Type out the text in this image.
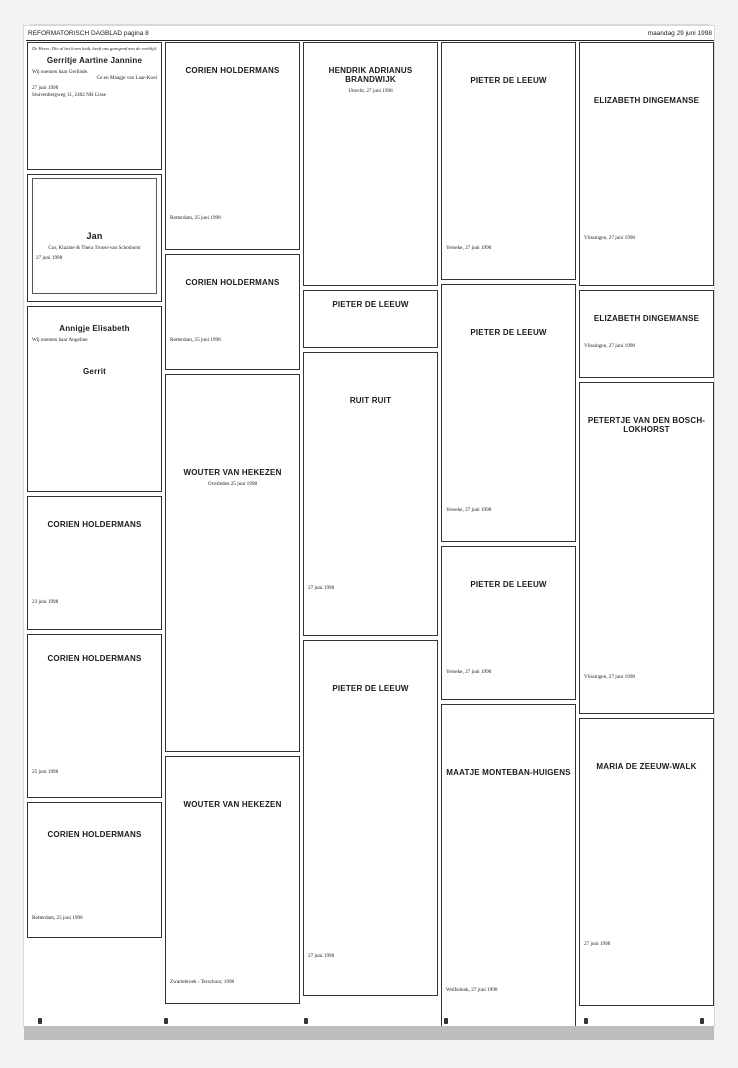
REFORMATORISCH DAGBLAD pagina 8	maandag 29 juni 1998
De Heere, Die al het leven leidt, heeft ons gezegend met de verblijd.
Gerritje Aartine Jannine
Wij noemen haar Gerlinde.
Ce en Maagje van Laar-Kool
27 juni 1998
Stuivenbergweg 11, 2402 NH Lisse
Jan
Cor, Klazine & Thera Troost-van Schothorst
27 juni 1998
Annigje Elisabeth
Wij noemen haar Angeline
Gerrit
CORIEN HOLDERMANS
23 juni 1998
CORIEN HOLDERMANS
25 juni 1998
CORIEN HOLDERMANS
Rotterdam, 25 juni 1998
CORIEN HOLDERMANS
Rotterdam, 25 juni 1998
CORIEN HOLDERMANS
Rotterdam, 25 juni 1998
WOUTER VAN HEKEZEN
Overleden 25 juni 1998
WOUTER VAN HEKEZEN
Zwartebroek - Terschuur, 1998
HENDRIK ADRIANUS BRANDWIJK
Utrecht, 27 juni 1998
PIETER DE LEEUW
RUIT RUIT
27 juni 1998
PIETER DE LEEUW
27 juni 1998
PIETER DE LEEUW
Yerseke, 27 juni 1998
PIETER DE LEEUW
Yerseke, 27 juni 1998
PIETER DE LEEUW
Yerseke, 27 juni 1998
MAATJE MONTEBAN-HUIGENS
Wolfsdonk, 27 juni 1998
ELIZABETH DINGEMANSE
Vlissingen, 27 juni 1998
ELIZABETH DINGEMANSE
Vlissingen, 27 juni 1998
PETERTJE VAN DEN BOSCH-LOKHORST
Vlissingen, 27 juni 1998
MARIA DE ZEEUW-WALK
27 juni 1998
